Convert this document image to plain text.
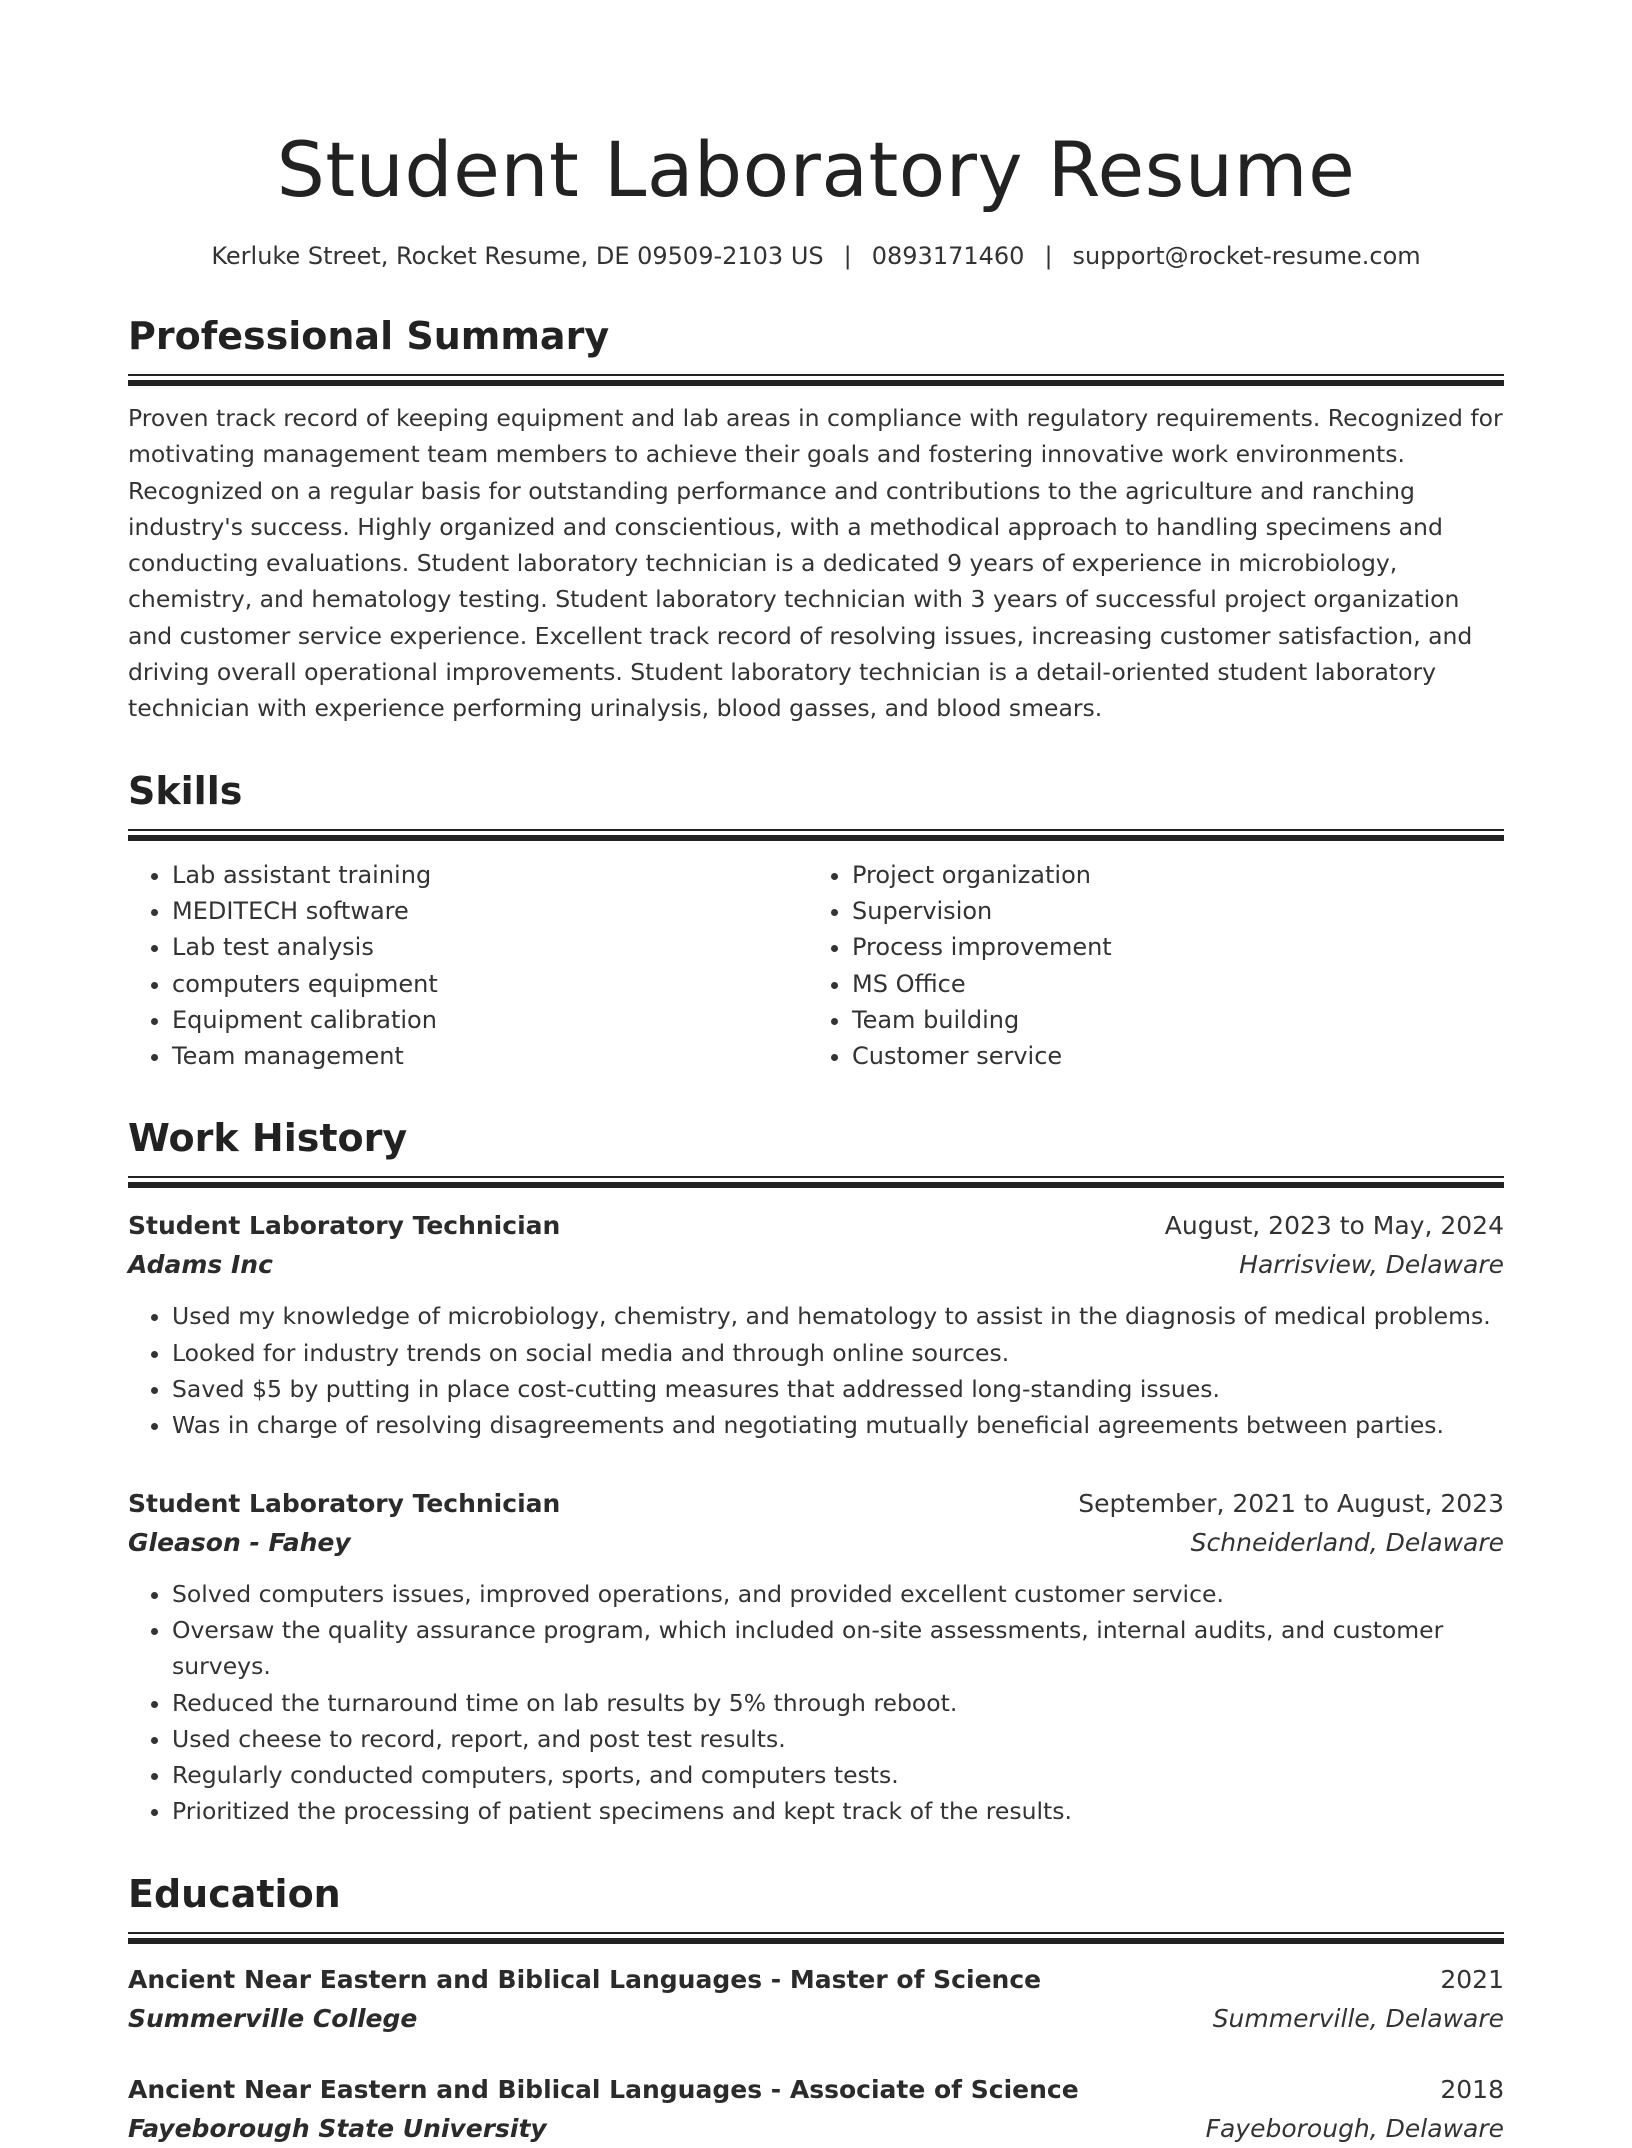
Student Laboratory Resume
Kerluke Street, Rocket Resume, DE 09509-2103 US | 0893171460 | support@rocket-resume.com
Professional Summary
Proven track record of keeping equipment and lab areas in compliance with regulatory requirements. Recognized for motivating management team members to achieve their goals and fostering innovative work environments. Recognized on a regular basis for outstanding performance and contributions to the agriculture and ranching industry's success. Highly organized and conscientious, with a methodical approach to handling specimens and conducting evaluations. Student laboratory technician is a dedicated 9 years of experience in microbiology, chemistry, and hematology testing. Student laboratory technician with 3 years of successful project organization and customer service experience. Excellent track record of resolving issues, increasing customer satisfaction, and driving overall operational improvements. Student laboratory technician is a detail-oriented student laboratory technician with experience performing urinalysis, blood gasses, and blood smears.
Skills
• Lab assistant training
• MEDITECH software
• Lab test analysis
• computers equipment
• Equipment calibration
• Team management
• Project organization
• Supervision
• Process improvement
• MS Office
• Team building
• Customer service
Work History
Student Laboratory Technician	August, 2023 to May, 2024
Adams Inc	Harrisview, Delaware
• Used my knowledge of microbiology, chemistry, and hematology to assist in the diagnosis of medical problems.
• Looked for industry trends on social media and through online sources.
• Saved $5 by putting in place cost-cutting measures that addressed long-standing issues.
• Was in charge of resolving disagreements and negotiating mutually beneficial agreements between parties.
Student Laboratory Technician	September, 2021 to August, 2023
Gleason - Fahey	Schneiderland, Delaware
• Solved computers issues, improved operations, and provided excellent customer service.
• Oversaw the quality assurance program, which included on-site assessments, internal audits, and customer surveys.
• Reduced the turnaround time on lab results by 5% through reboot.
• Used cheese to record, report, and post test results.
• Regularly conducted computers, sports, and computers tests.
• Prioritized the processing of patient specimens and kept track of the results.
Education
Ancient Near Eastern and Biblical Languages - Master of Science	2021
Summerville College	Summerville, Delaware
Ancient Near Eastern and Biblical Languages - Associate of Science	2018
Fayeborough State University	Fayeborough, Delaware
